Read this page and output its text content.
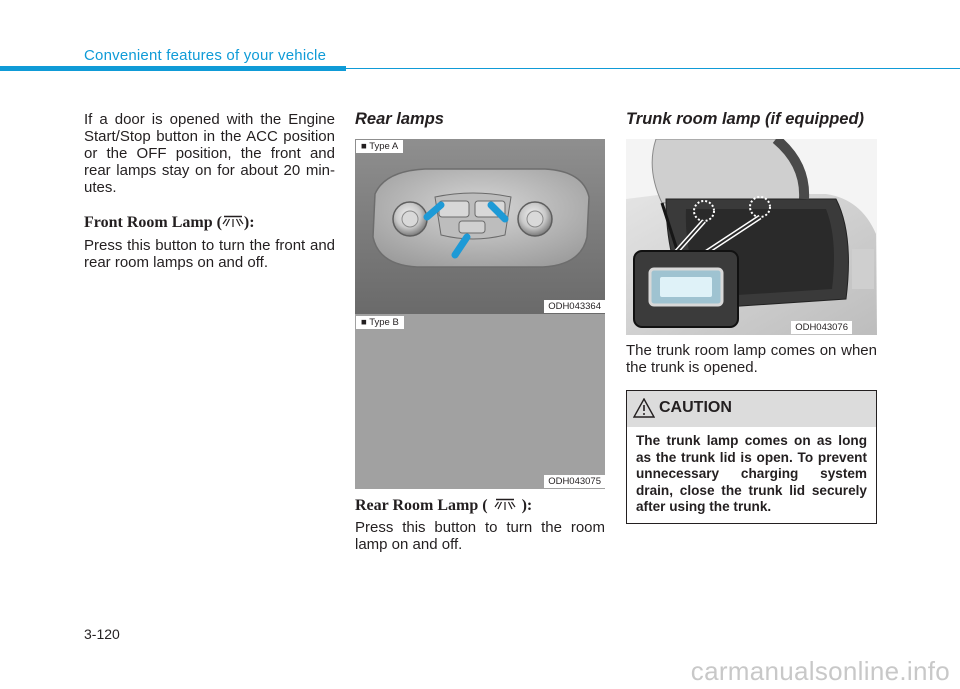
Convenient features of your vehicle

If a door is opened with the Engine Start/Stop button in the ACC position or the OFF position, the front and rear lamps stay on for about 20 min-utes.

Front Room Lamp ( ):

Press this button to turn the front and rear room lamps on and off.

Rear lamps
■ Type A
ODH043364
■ Type B
ODH043075
Rear Room Lamp ( ):

Press this button to turn the room lamp on and off.

Trunk room lamp (if equipped)
ODH043076

The trunk room lamp comes on when the trunk is opened.

CAUTION
The trunk lamp comes on as long as the trunk lid is open. To prevent unnecessary charging system drain, close the trunk lid securely after using the trunk.
3-120
carmanualsonline.info
